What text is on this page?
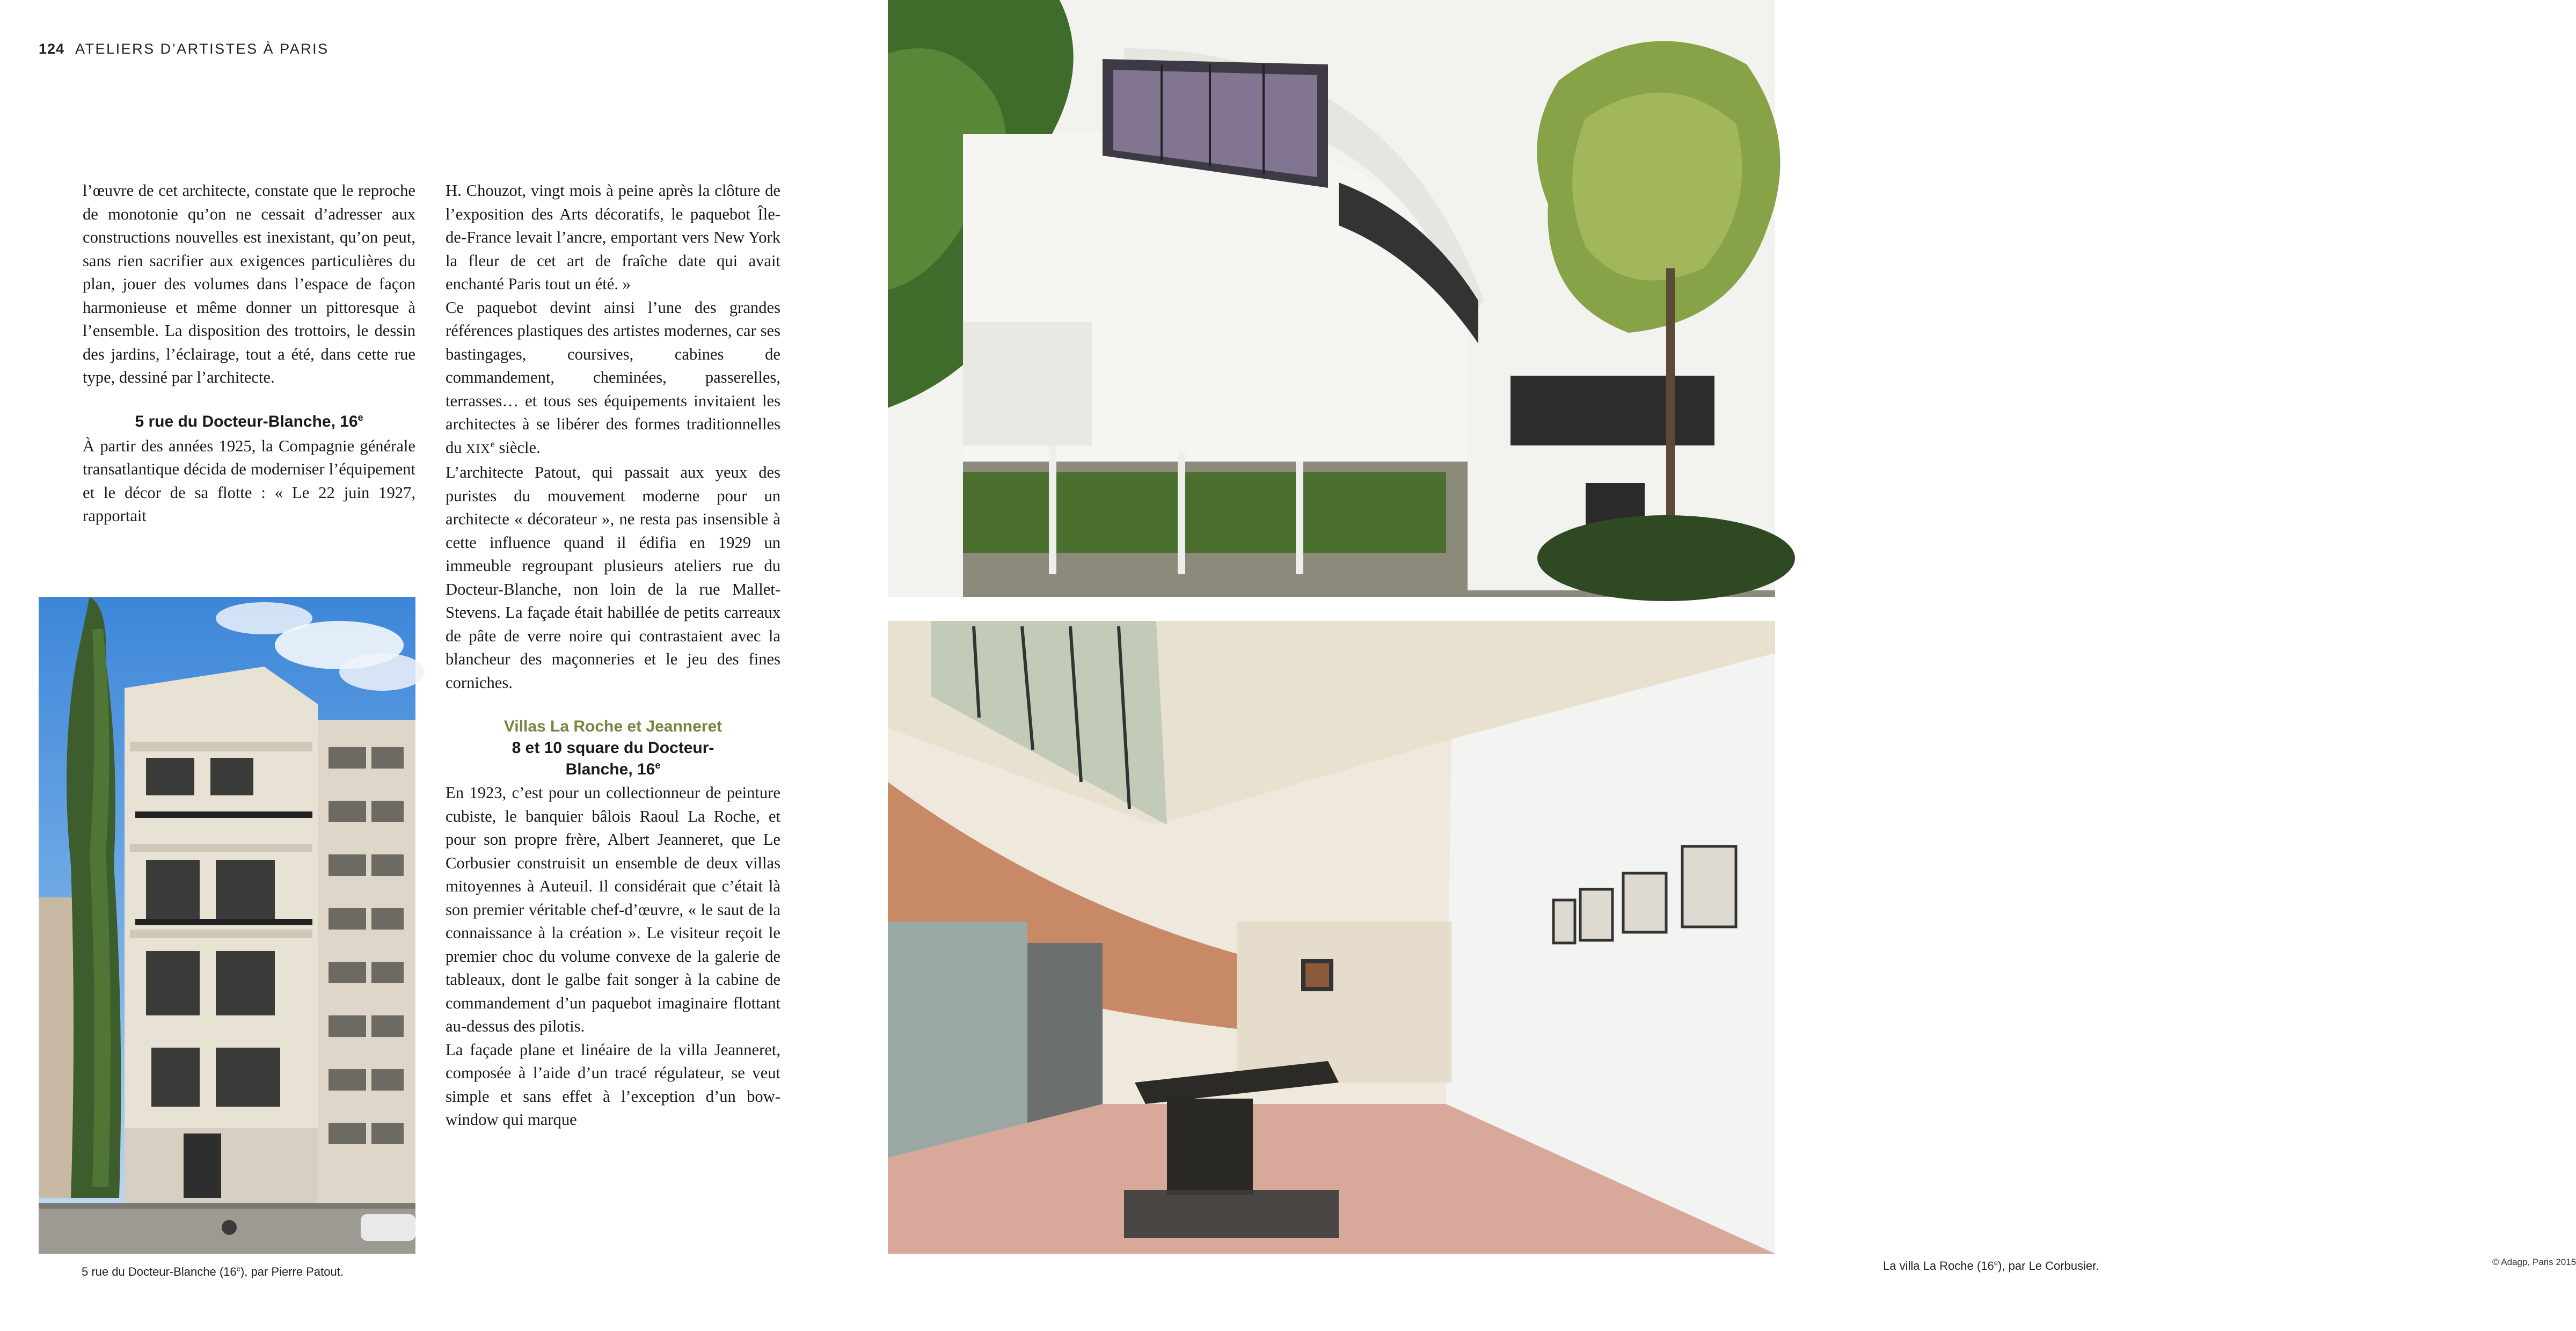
124 ATELIERS D’ARTISTES À PARIS

l’œuvre de cet architecte, constate que le reproche de monotonie qu’on ne cessait d’adresser aux constructions nouvelles est inexistant, qu’on peut, sans rien sacrifier aux exigences particulières du plan, jouer des volumes dans l’espace de façon harmonieuse et même donner un pittoresque à l’ensemble. La disposition des trottoirs, le dessin des jardins, l’éclairage, tout a été, dans cette rue type, dessiné par l’architecte.

5 rue du Docteur-Blanche, 16e

À partir des années 1925, la Compagnie générale transatlantique décida de moderniser l’équipement et le décor de sa flotte : « Le 22 juin 1927, rapportait

5 rue du Docteur-Blanche (16e), par Pierre Patout.

H. Chouzot, vingt mois à peine après la clôture de l’exposition des Arts décoratifs, le paquebot Île-de-France levait l’ancre, emportant vers New York la fleur de cet art de fraîche date qui avait enchanté Paris tout un été. »

Ce paquebot devint ainsi l’une des grandes références plastiques des artistes modernes, car ses bastingages, coursives, cabines de commandement, cheminées, passerelles, terrasses… et tous ses équipements invitaient les architectes à se libérer des formes traditionnelles du XIXe siècle.

L’architecte Patout, qui passait aux yeux des puristes du mouvement moderne pour un architecte « décorateur », ne resta pas insensible à cette influence quand il édifia en 1929 un immeuble regroupant plusieurs ateliers rue du Docteur-Blanche, non loin de la rue Mallet-Stevens. La façade était habillée de petits carreaux de pâte de verre noire qui contrastaient avec la blancheur des maçonneries et le jeu des fines corniches.

Villas La Roche et Jeanneret
8 et 10 square du Docteur-
Blanche, 16e

En 1923, c’est pour un collectionneur de peinture cubiste, le banquier bâlois Raoul La Roche, et pour son propre frère, Albert Jeanneret, que Le Corbusier construisit un ensemble de deux villas mitoyennes à Auteuil. Il considérait que c’était là son premier véritable chef-d’œuvre, « le saut de la connaissance à la création ». Le visiteur reçoit le premier choc du volume convexe de la galerie de tableaux, dont le galbe fait songer à la cabine de commandement d’un paquebot imaginaire flottant au-dessus des pilotis.

La façade plane et linéaire de la villa Jeanneret, composée à l’aide d’un tracé régulateur, se veut simple et sans effet à l’exception d’un bow-window qui marque

La villa La Roche (16e), par Le Corbusier.	© Adagp, Paris 2015
